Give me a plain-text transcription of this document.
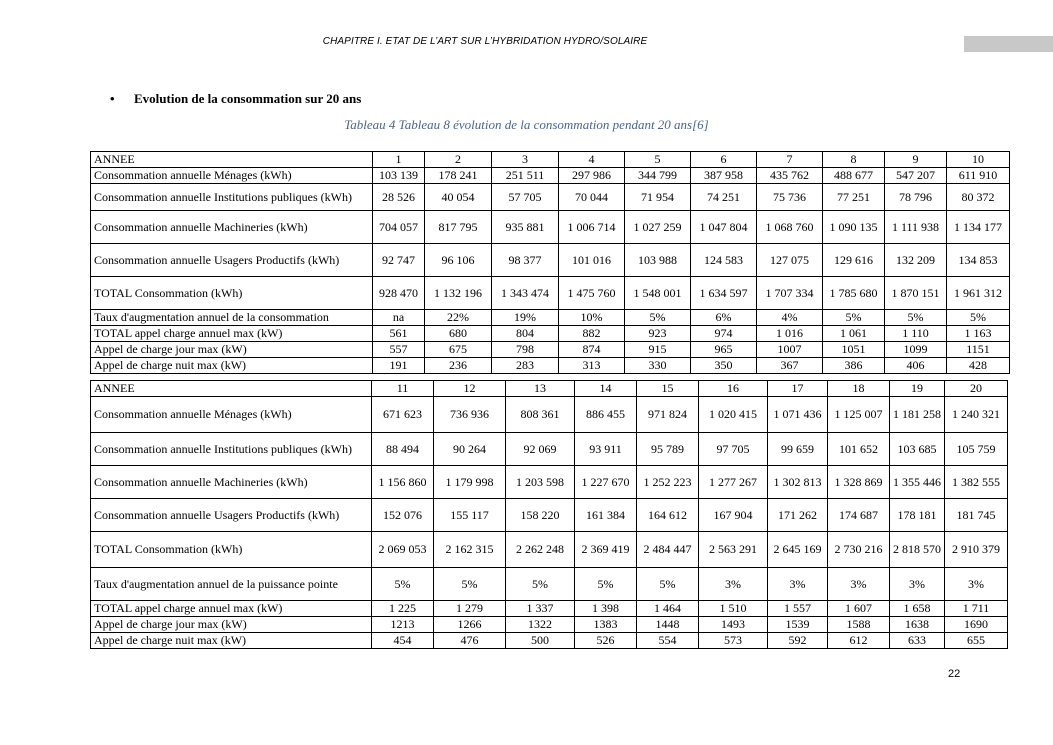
CHAPITRE I. ETAT DE L’ART SUR L’HYBRIDATION HYDRO/SOLAIRE
• Evolution de la consommation sur 20 ans
Tableau 4 Tableau 8 évolution de la consommation pendant 20 ans[6]
ANNEE	1	2	3	4	5	6	7	8	9	10
Consommation annuelle Ménages (kWh)	103 139	178 241	251 511	297 986	344 799	387 958	435 762	488 677	547 207	611 910
Consommation annuelle Institutions publiques (kWh)	28 526	40 054	57 705	70 044	71 954	74 251	75 736	77 251	78 796	80 372
Consommation annuelle Machineries (kWh)	704 057	817 795	935 881	1 006 714	1 027 259	1 047 804	1 068 760	1 090 135	1 111 938	1 134 177
Consommation annuelle Usagers Productifs (kWh)	92 747	96 106	98 377	101 016	103 988	124 583	127 075	129 616	132 209	134 853
TOTAL Consommation (kWh)	928 470	1 132 196	1 343 474	1 475 760	1 548 001	1 634 597	1 707 334	1 785 680	1 870 151	1 961 312
Taux d'augmentation annuel de la consommation	na	22%	19%	10%	5%	6%	4%	5%	5%	5%
TOTAL appel charge annuel max (kW)	561	680	804	882	923	974	1 016	1 061	1 110	1 163
Appel de charge jour max (kW)	557	675	798	874	915	965	1007	1051	1099	1151
Appel de charge nuit max (kW)	191	236	283	313	330	350	367	386	406	428
ANNEE	11	12	13	14	15	16	17	18	19	20
Consommation annuelle Ménages (kWh)	671 623	736 936	808 361	886 455	971 824	1 020 415	1 071 436	1 125 007	1 181 258	1 240 321
Consommation annuelle Institutions publiques (kWh)	88 494	90 264	92 069	93 911	95 789	97 705	99 659	101 652	103 685	105 759
Consommation annuelle Machineries (kWh)	1 156 860	1 179 998	1 203 598	1 227 670	1 252 223	1 277 267	1 302 813	1 328 869	1 355 446	1 382 555
Consommation annuelle Usagers Productifs (kWh)	152 076	155 117	158 220	161 384	164 612	167 904	171 262	174 687	178 181	181 745
TOTAL Consommation (kWh)	2 069 053	2 162 315	2 262 248	2 369 419	2 484 447	2 563 291	2 645 169	2 730 216	2 818 570	2 910 379
Taux d'augmentation annuel de la puissance pointe	5%	5%	5%	5%	5%	3%	3%	3%	3%	3%
TOTAL appel charge annuel max (kW)	1 225	1 279	1 337	1 398	1 464	1 510	1 557	1 607	1 658	1 711
Appel de charge jour max (kW)	1213	1266	1322	1383	1448	1493	1539	1588	1638	1690
Appel de charge nuit max (kW)	454	476	500	526	554	573	592	612	633	655
22
